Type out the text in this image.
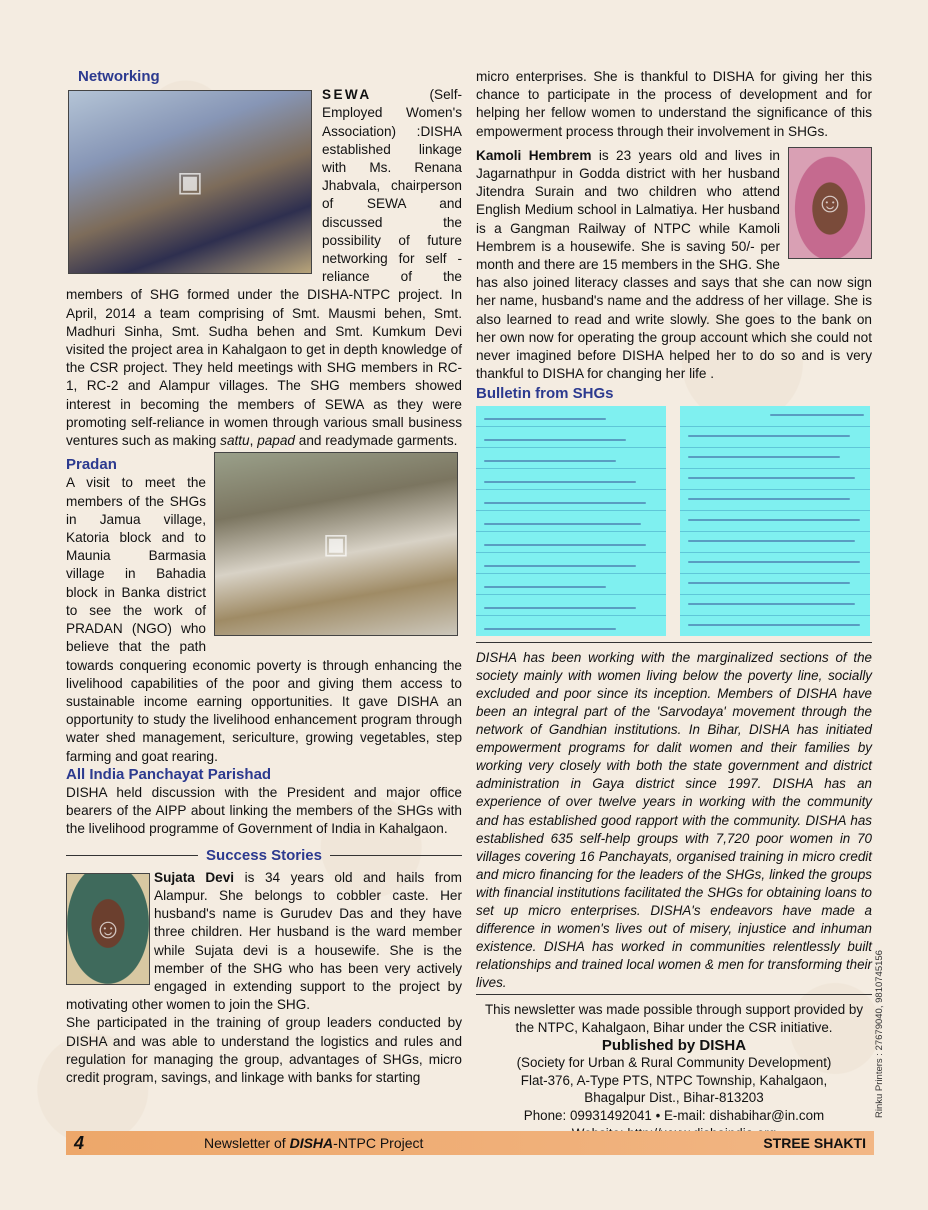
Networking
▣

SEWA	(Self-Employed Women's Association) :DISHA established linkage with Ms. Renana Jhabvala, chairperson of SEWA and discussed the possibility of future networking for self - reliance of the members of SHG formed under the DISHA-NTPC project. In April, 2014 a team comprising of Smt. Mausmi behen, Smt. Madhuri Sinha, Smt. Sudha behen and Smt. Kumkum Devi visited the project area in Kahalgaon to get in depth knowledge of the CSR project. They held meetings with SHG members in RC-1, RC-2 and Alampur villages. The SHG members showed interest in becoming the members of SEWA as they were promoting self-reliance in women through various small business ventures such as making sattu, papad and readymade garments.

▣
Pradan

A visit to meet the members of the SHGs in Jamua village, Katoria block and to Maunia Barmasia village in Bahadia block in Banka district to see the work of PRADAN (NGO) who believe that the path towards conquering economic poverty is through enhancing the livelihood capabilities of the poor and giving them access to sustainable income earning opportunities. It gave DISHA an opportunity to study the livelihood enhancement program through water shed management, sericulture, growing vegetables, step farming and goat rearing.

All India Panchayat Parishad

DISHA held discussion with the President and major office bearers of the AIPP about linking the members of the SHGs with the livelihood programme of Government of India in Kahalgaon.

Success Stories
☺

Sujata Devi is 34 years old and hails from Alampur. She belongs to cobbler caste. Her husband's name is Gurudev Das and they have three children. Her husband is the ward member while Sujata devi is a housewife. She is the member of the SHG who has been very actively engaged in extending support to the project by motivating other women to join the SHG.

She participated in the training of group leaders conducted by DISHA and was able to understand the logistics and rules and regulation for managing the group, advantages of SHGs, micro credit program, savings, and linkage with banks for starting

micro enterprises. She is thankful to DISHA for giving her this chance to participate in the process of development and for helping her fellow women to understand the significance of this empowerment process through their involvement in SHGs.

☺

Kamoli Hembrem is 23 years old and lives in Jagarnathpur in Godda district with her husband Jitendra Surain and two children who attend English Medium school in Lalmatiya. Her husband is a Gangman Railway of NTPC while Kamoli Hembrem is a housewife. She is saving 50/- per month and there are 15 members in the SHG. She has also joined literacy classes and says that she can now sign her name, husband's name and the address of her village. She is also learned to read and write slowly. She goes to the bank on her own now for operating the group account which she could not never imagined before DISHA helped her to do so and is very thankful to DISHA for changing her life .

Bulletin from SHGs

DISHA has been working with the marginalized sections of the society mainly with women living below the poverty line, socially excluded and poor since its inception. Members of DISHA have been an integral part of the 'Sarvodaya' movement through the network of Gandhian institutions. In Bihar, DISHA has initiated empowerment programs for dalit women and their families by working very closely with both the state government and district administration in Gaya district since 1997. DISHA has an experience of over twelve years in working with the community and has established good rapport with the community. DISHA has established 635 self-help groups with 7,720 poor women in 70 villages covering 16 Panchayats, organised training in micro credit and micro financing for the leaders of the SHGs, linked the groups with financial institutions facilitated the SHGs for obtaining loans to set up micro enterprises. DISHA's endeavors have made a difference in women's lives out of misery, injustice and inhuman existence. DISHA has worked in communities relentlessly built relationships and trained local women & men for transforming their lives.

This newsletter was made possible through support provided by the NTPC, Kahalgaon, Bihar under the CSR initiative.
Published by DISHA
(Society for Urban & Rural Community Development)
Flat-376, A-Type PTS, NTPC Township, Kahalgaon,
Bhagalpur Dist., Bihar-813203
Phone: 09931492041 • E-mail: dishabihar@in.com	Rinku Printers : 27679040, 9810745156
4	Newsletter of DISHA-NTPC Project	STREE SHAKTI
